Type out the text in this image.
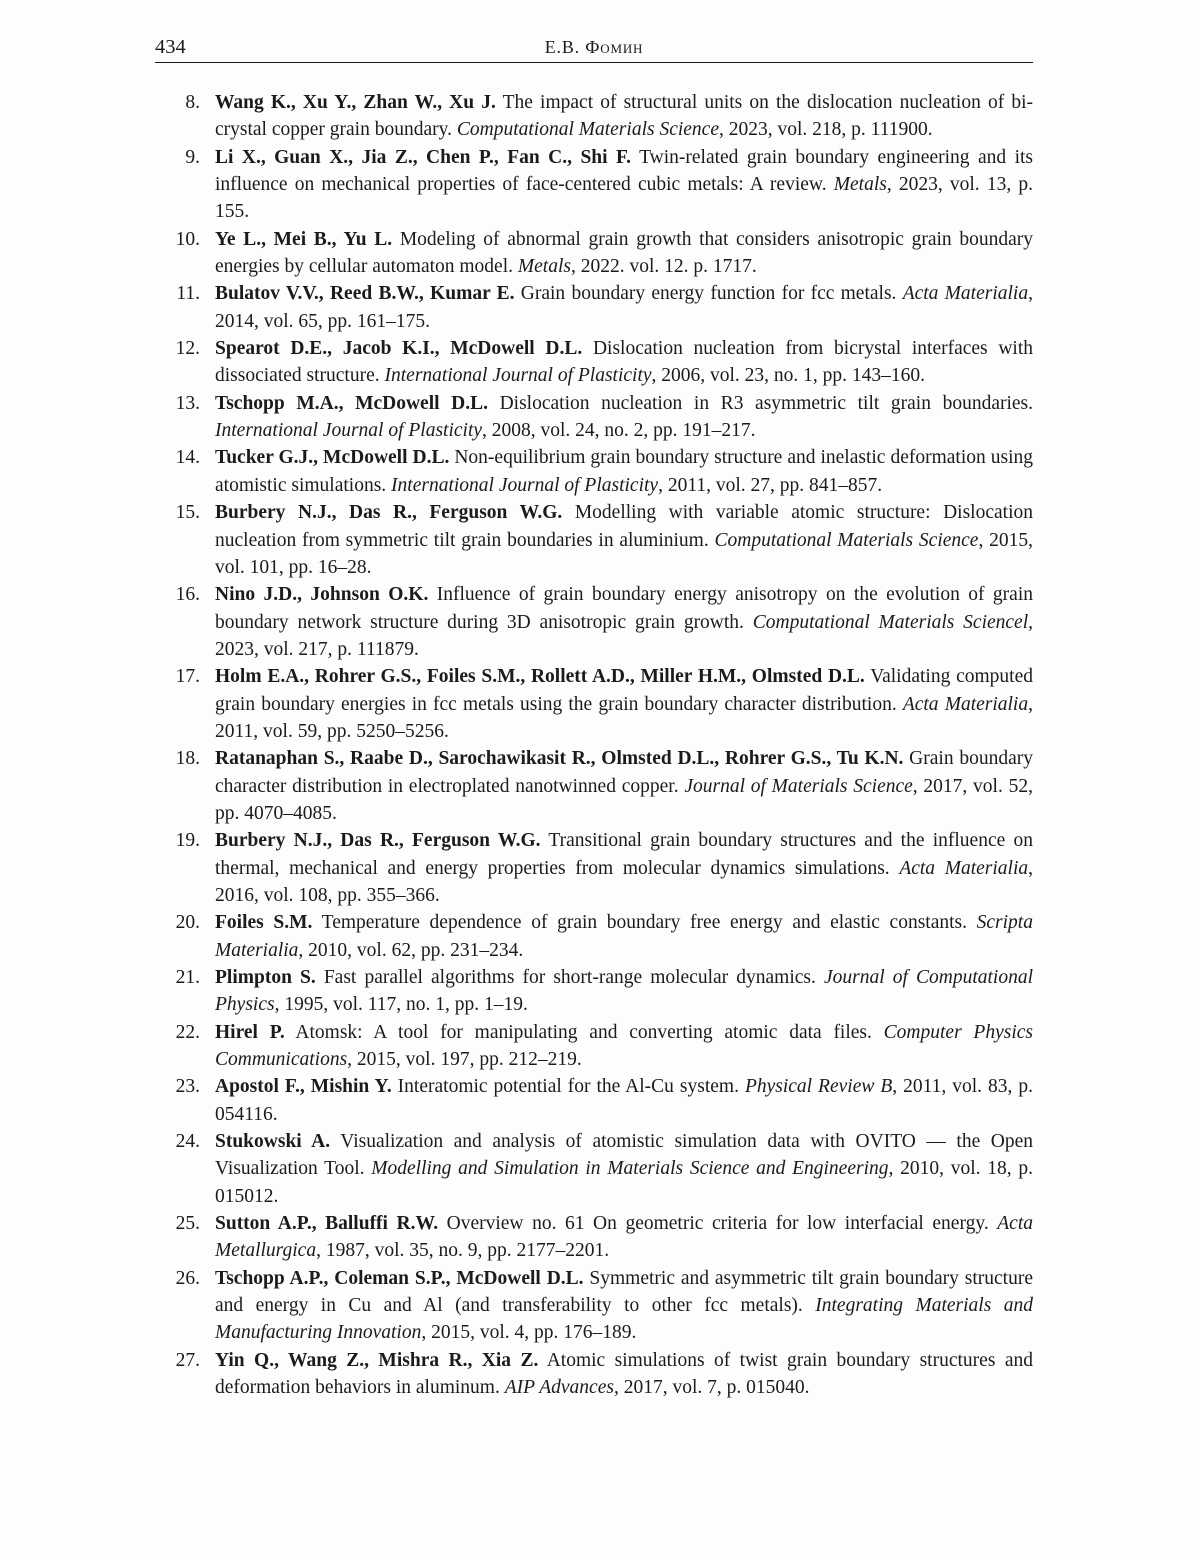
434	Е.В. Фомин
8. Wang K., Xu Y., Zhan W., Xu J. The impact of structural units on the dislocation nucleation of bi-crystal copper grain boundary. Computational Materials Science, 2023, vol. 218, p. 111900.
9. Li X., Guan X., Jia Z., Chen P., Fan C., Shi F. Twin-related grain boundary engineering and its influence on mechanical properties of face-centered cubic metals: A review. Metals, 2023, vol. 13, p. 155.
10. Ye L., Mei B., Yu L. Modeling of abnormal grain growth that considers anisotropic grain boundary energies by cellular automaton model. Metals, 2022. vol. 12. p. 1717.
11. Bulatov V.V., Reed B.W., Kumar E. Grain boundary energy function for fcc metals. Acta Materialia, 2014, vol. 65, pp. 161–175.
12. Spearot D.E., Jacob K.I., McDowell D.L. Dislocation nucleation from bicrystal interfaces with dissociated structure. International Journal of Plasticity, 2006, vol. 23, no. 1, pp. 143–160.
13. Tschopp M.A., McDowell D.L. Dislocation nucleation in R3 asymmetric tilt grain boundaries. International Journal of Plasticity, 2008, vol. 24, no. 2, pp. 191–217.
14. Tucker G.J., McDowell D.L. Non-equilibrium grain boundary structure and inelastic deformation using atomistic simulations. International Journal of Plasticity, 2011, vol. 27, pp. 841–857.
15. Burbery N.J., Das R., Ferguson W.G. Modelling with variable atomic structure: Dislocation nucleation from symmetric tilt grain boundaries in aluminium. Computational Materials Science, 2015, vol. 101, pp. 16–28.
16. Nino J.D., Johnson O.K. Influence of grain boundary energy anisotropy on the evolution of grain boundary network structure during 3D anisotropic grain growth. Computational Materials Sciencel, 2023, vol. 217, p. 111879.
17. Holm E.A., Rohrer G.S., Foiles S.M., Rollett A.D., Miller H.M., Olmsted D.L. Validating computed grain boundary energies in fcc metals using the grain boundary character distribution. Acta Materialia, 2011, vol. 59, pp. 5250–5256.
18. Ratanaphan S., Raabe D., Sarochawikasit R., Olmsted D.L., Rohrer G.S., Tu K.N. Grain boundary character distribution in electroplated nanotwinned copper. Journal of Materials Science, 2017, vol. 52, pp. 4070–4085.
19. Burbery N.J., Das R., Ferguson W.G. Transitional grain boundary structures and the influence on thermal, mechanical and energy properties from molecular dynamics simulations. Acta Materialia, 2016, vol. 108, pp. 355–366.
20. Foiles S.M. Temperature dependence of grain boundary free energy and elastic constants. Scripta Materialia, 2010, vol. 62, pp. 231–234.
21. Plimpton S. Fast parallel algorithms for short-range molecular dynamics. Journal of Computational Physics, 1995, vol. 117, no. 1, pp. 1–19.
22. Hirel P. Atomsk: A tool for manipulating and converting atomic data files. Computer Physics Communications, 2015, vol. 197, pp. 212–219.
23. Apostol F., Mishin Y. Interatomic potential for the Al-Cu system. Physical Review B, 2011, vol. 83, p. 054116.
24. Stukowski A. Visualization and analysis of atomistic simulation data with OVITO — the Open Visualization Tool. Modelling and Simulation in Materials Science and Engineering, 2010, vol. 18, p. 015012.
25. Sutton A.P., Balluffi R.W. Overview no. 61 On geometric criteria for low interfacial energy. Acta Metallurgica, 1987, vol. 35, no. 9, pp. 2177–2201.
26. Tschopp A.P., Coleman S.P., McDowell D.L. Symmetric and asymmetric tilt grain boundary structure and energy in Cu and Al (and transferability to other fcc metals). Integrating Materials and Manufacturing Innovation, 2015, vol. 4, pp. 176–189.
27. Yin Q., Wang Z., Mishra R., Xia Z. Atomic simulations of twist grain boundary structures and deformation behaviors in aluminum. AIP Advances, 2017, vol. 7, p. 015040.
